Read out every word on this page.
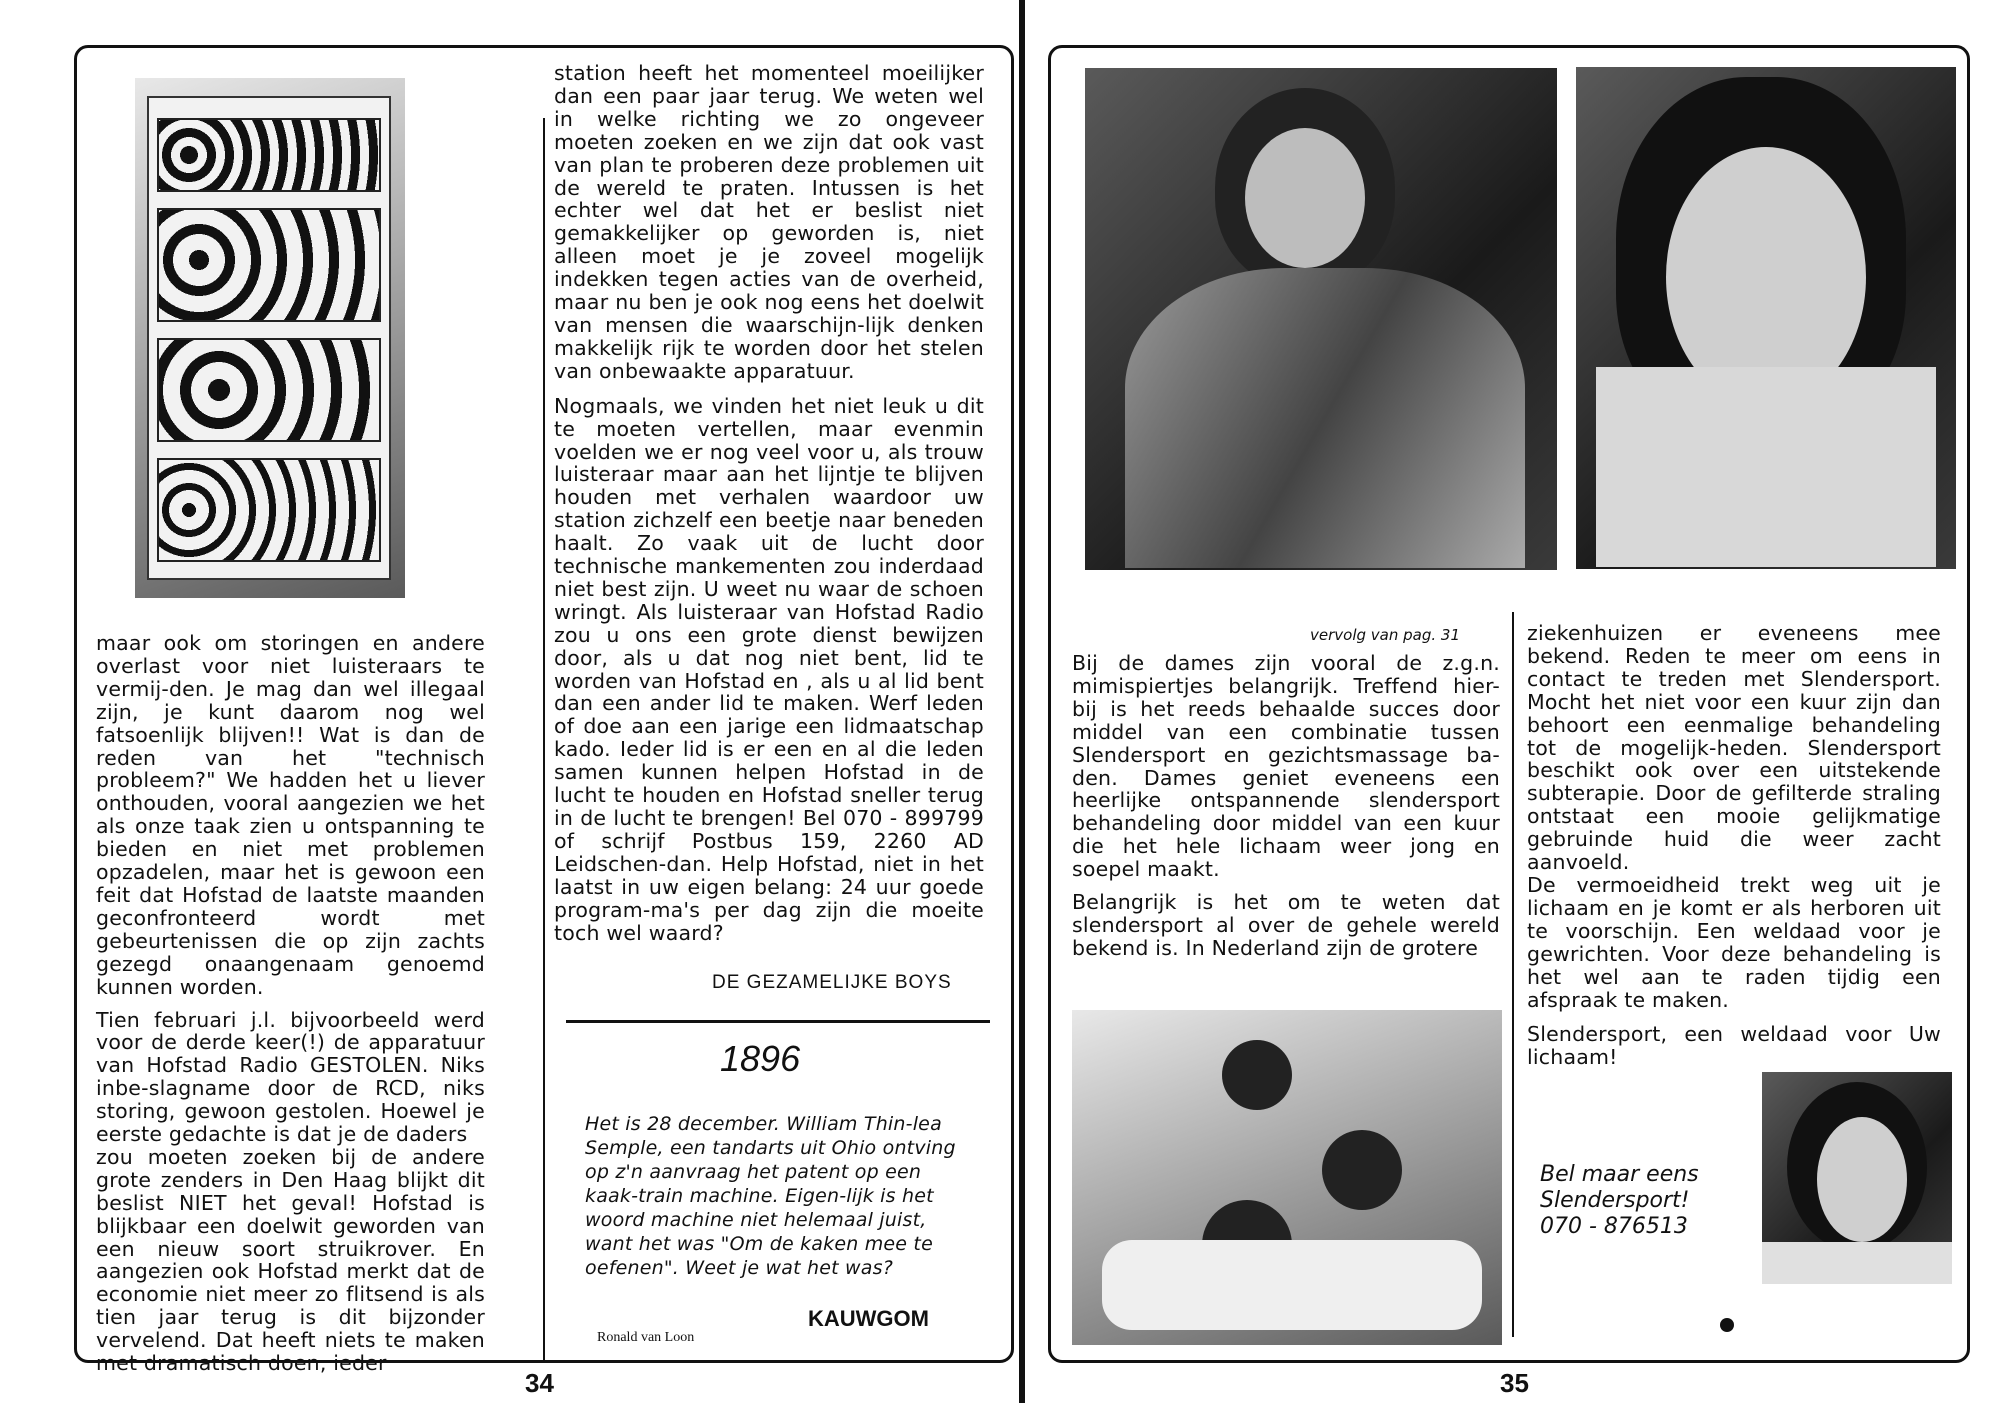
maar ook om storingen en andere overlast voor niet luisteraars te vermij-den. Je mag dan wel illegaal zijn, je kunt daarom nog wel fatsoenlijk blijven!! Wat is dan de reden van het "technisch probleem?" We hadden het u liever onthouden, vooral aangezien we het als onze taak zien u ontspanning te bieden en niet met problemen opzadelen, maar het is gewoon een feit dat Hofstad de laatste maanden geconfronteerd wordt met gebeurtenissen die op zijn zachts gezegd onaangenaam genoemd kunnen worden.

Tien februari j.l. bijvoorbeeld werd voor de derde keer(!) de apparatuur van Hofstad Radio GESTOLEN. Niks inbe-slagname door de RCD, niks storing, gewoon gestolen. Hoewel je eerste gedachte is dat je de daders
zou moeten zoeken bij de andere grote zenders in Den Haag blijkt dit beslist NIET het geval! Hofstad is blijkbaar een doelwit geworden van een nieuw soort struikrover. En aangezien ook Hofstad merkt dat de economie niet meer zo flitsend is als tien jaar terug is dit bijzonder vervelend. Dat heeft niets te maken met dramatisch doen, ieder

station heeft het momenteel moeilijker dan een paar jaar terug. We weten wel in welke richting we zo ongeveer moeten zoeken en we zijn dat ook vast van plan te proberen deze problemen uit de wereld te praten. Intussen is het echter wel dat het er beslist niet gemakkelijker op geworden is, niet alleen moet je je zoveel mogelijk indekken tegen acties van de overheid, maar nu ben je ook nog eens het doelwit van mensen die waarschijn-lijk denken makkelijk rijk te worden door het stelen van onbewaakte apparatuur.

Nogmaals, we vinden het niet leuk u dit te moeten vertellen, maar evenmin voelden we er nog veel voor u, als trouw luisteraar maar aan het lijntje te blijven houden met verhalen waardoor uw station zichzelf een beetje naar beneden haalt. Zo vaak uit de lucht door technische mankementen zou inderdaad niet best zijn. U weet nu waar de schoen wringt. Als luisteraar van Hofstad Radio zou u ons een grote dienst bewijzen door, als u dat nog niet bent, lid te worden van Hofstad en , als u al lid bent dan een ander lid te maken. Werf leden of doe aan een jarige een lidmaatschap kado. Ieder lid is er een en al die leden samen kunnen helpen Hofstad in de lucht te houden en Hofstad sneller terug in de lucht te brengen! Bel 070 - 899799 of schrijf Postbus 159, 2260 AD Leidschen-dan. Help Hofstad, niet in het laatst in uw eigen belang: 24 uur goede program-ma's per dag zijn die moeite toch wel waard?

DE GEZAMELIJKE BOYS
1896
Het is 28 december. William Thin-lea Semple, een tandarts uit Ohio ontving op z'n aanvraag het patent op een kaak-train machine. Eigen-lijk is het woord machine niet helemaal juist, want het was "Om de kaken mee te oefenen". Weet je wat het was?
KAUWGOM
Ronald van Loon
34
vervolg van pag. 31

Bij de dames zijn vooral de z.g.n. mimispiertjes belangrijk. Treffend hier-bij is het reeds behaalde succes door middel van een combinatie tussen Slendersport en gezichtsmassage ba-den. Dames geniet eveneens een heerlijke ontspannende slendersport behandeling door middel van een kuur die het hele lichaam weer jong en soepel maakt.

Belangrijk is het om te weten dat slendersport al over de gehele wereld bekend is. In Nederland zijn de grotere

ziekenhuizen er eveneens mee bekend. Reden te meer om eens in contact te treden met Slendersport. Mocht het niet voor een kuur zijn dan behoort een eenmalige behandeling tot de mogelijk-heden. Slendersport beschikt ook over een uitstekende subterapie. Door de gefilterde straling ontstaat een mooie gelijkmatige gebruinde huid die weer zacht aanvoeld.
De vermoeidheid trekt weg uit je lichaam en je komt er als herboren uit te voorschijn. Een weldaad voor je gewrichten. Voor deze behandeling is het wel aan te raden tijdig een afspraak te maken.

Slendersport, een weldaad voor Uw lichaam!

Bel maar eens
Slendersport!
070 - 876513
35
